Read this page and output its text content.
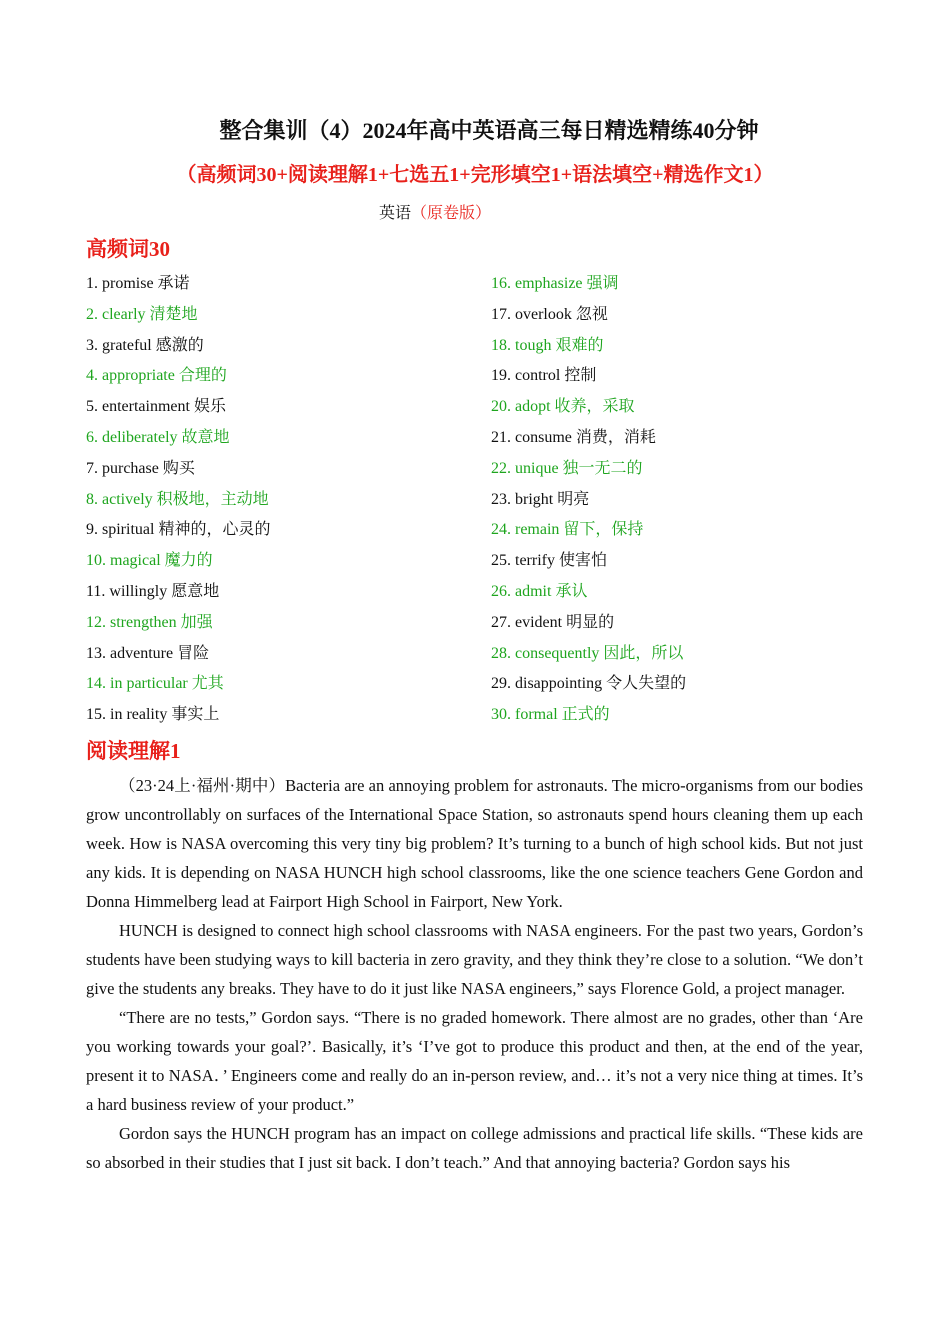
整合集训（4）2024年高中英语高三每日精选精练40分钟
（高频词30+阅读理解1+七选五1+完形填空1+语法填空+精选作文1）
英语（原卷版）
高频词30
1. promise 承诺
2. clearly 清楚地
3. grateful 感激的
4. appropriate 合理的
5. entertainment 娱乐
6. deliberately 故意地
7. purchase 购买
8. actively 积极地，主动地
9. spiritual 精神的，心灵的
10. magical 魔力的
11. willingly 愿意地
12. strengthen 加强
13. adventure 冒险
14. in particular 尤其
15. in reality 事实上
16. emphasize 强调
17. overlook 忽视
18. tough 艰难的
19. control 控制
20. adopt 收养，采取
21. consume 消费，消耗
22. unique 独一无二的
23. bright 明亮
24. remain 留下，保持
25. terrify 使害怕
26. admit 承认
27. evident 明显的
28. consequently 因此，所以
29. disappointing 令人失望的
30. formal 正式的
阅读理解1

（23·24上·福州·期中）Bacteria are an annoying problem for astronauts. The micro-organisms from our bodies grow uncontrollably on surfaces of the International Space Station, so astronauts spend hours cleaning them up each week. How is NASA overcoming this very tiny big problem? It’s turning to a bunch of high school kids. But not just any kids. It is depending on NASA HUNCH high school classrooms, like the one science teachers Gene Gordon and Donna Himmelberg lead at Fairport High School in Fairport, New York.

HUNCH is designed to connect high school classrooms with NASA engineers. For the past two years, Gordon’s students have been studying ways to kill bacteria in zero gravity, and they think they’re close to a solution. “We don’t give the students any breaks. They have to do it just like NASA engineers,” says Florence Gold, a project manager.

“There are no tests,” Gordon says. “There is no graded homework. There almost are no grades, other than ‘Are you working towards your goal?’. Basically, it’s ‘I’ve got to produce this product and then, at the end of the year, present it to NASA．’ Engineers come and really do an in-person review, and… it’s not a very nice thing at times. It’s a hard business review of your product.”

Gordon says the HUNCH program has an impact on college admissions and practical life skills. “These kids are so absorbed in their studies that I just sit back. I don’t teach.” And that annoying bacteria? Gordon says his
